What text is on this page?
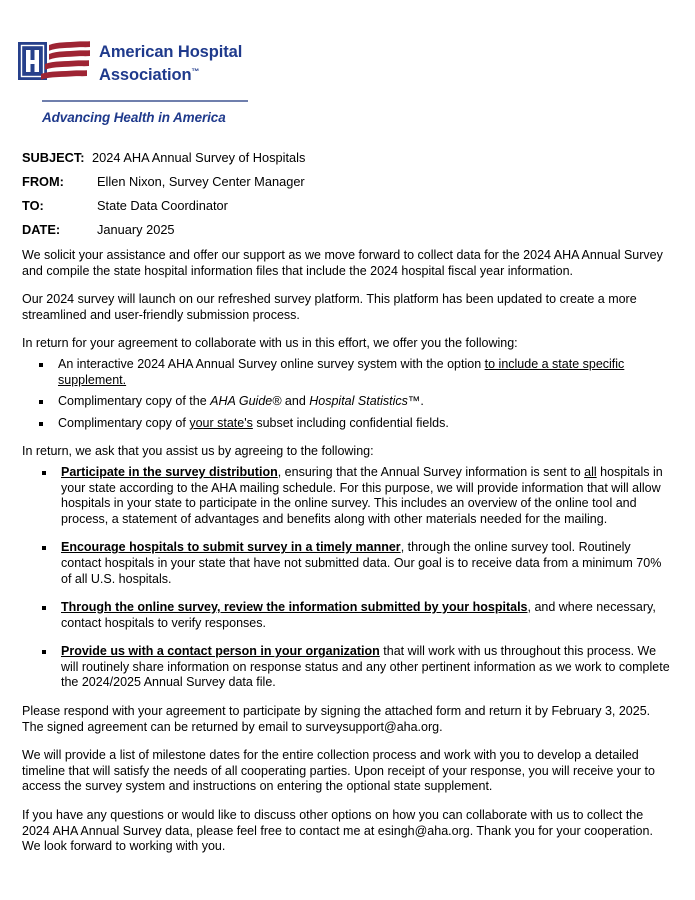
American Hospital
Association™
Advancing Health in America
SUBJECT: 2024 AHA Annual Survey of Hospitals
FROM:	Ellen Nixon, Survey Center Manager
TO:	State Data Coordinator
DATE:	January 2025

We solicit your assistance and offer our support as we move forward to collect data for the 2024 AHA Annual Survey and compile the state hospital information files that include the 2024 hospital fiscal year information.

Our 2024 survey will launch on our refreshed survey platform. This platform has been updated to create a more streamlined and user-friendly submission process.

In return for your agreement to collaborate with us in this effort, we offer you the following:

An interactive 2024 AHA Annual Survey online survey system with the option to include a state specific supplement.
Complimentary copy of the AHA Guide® and Hospital Statistics™.
Complimentary copy of your state's subset including confidential fields.

In return, we ask that you assist us by agreeing to the following:

Participate in the survey distribution, ensuring that the Annual Survey information is sent to all hospitals in your state according to the AHA mailing schedule. For this purpose, we will provide information that will allow hospitals in your state to participate in the online survey. This includes an overview of the online tool and process, a statement of advantages and benefits along with other materials needed for the mailing.
Encourage hospitals to submit survey in a timely manner, through the online survey tool. Routinely contact hospitals in your state that have not submitted data. Our goal is to receive data from a minimum 70% of all U.S. hospitals.
Through the online survey, review the information submitted by your hospitals, and where necessary, contact hospitals to verify responses.
Provide us with a contact person in your organization that will work with us throughout this process. We will routinely share information on response status and any other pertinent information as we work to complete the 2024/2025 Annual Survey data file.

Please respond with your agreement to participate by signing the attached form and return it by February 3, 2025. The signed agreement can be returned by email to surveysupport@aha.org.

We will provide a list of milestone dates for the entire collection process and work with you to develop a detailed timeline that will satisfy the needs of all cooperating parties. Upon receipt of your response, you will receive your to access the survey system and instructions on entering the optional state supplement.

If you have any questions or would like to discuss other options on how you can collaborate with us to collect the 2024 AHA Annual Survey data, please feel free to contact me at esingh@aha.org. Thank you for your cooperation. We look forward to working with you.
